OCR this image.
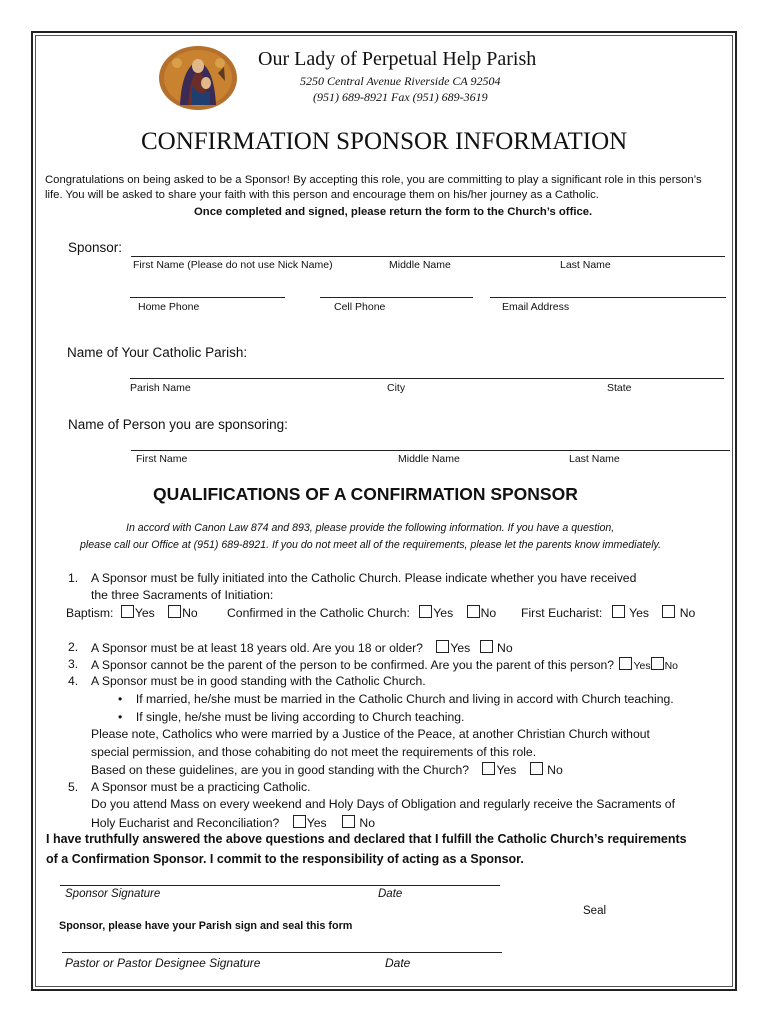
Our Lady of Perpetual Help Parish
5250 Central Avenue Riverside CA 92504
(951) 689-8921 Fax (951) 689-3619
CONFIRMATION SPONSOR INFORMATION
Congratulations on being asked to be a Sponsor! By accepting this role, you are committing to play a significant role in this person’s
life. You will be asked to share your faith with this person and encourage them on his/her journey as a Catholic.
Once completed and signed, please return the form to the Church’s office.
Sponsor:
First Name (Please do not use Nick Name)	Middle Name	Last Name
Home Phone	Cell Phone	Email Address
Name of Your Catholic Parish:
Parish Name	City	State
Name of Person you are sponsoring:
First Name	Middle Name	Last Name
QUALIFICATIONS OF A CONFIRMATION SPONSOR
In accord with Canon Law 874 and 893, please provide the following information. If you have a question,
please call our Office at (951) 689-8921. If you do not meet all of the requirements, please let the parents know immediately.
1. A Sponsor must be fully initiated into the Catholic Church. Please indicate whether you have received
the three Sacraments of Initiation:
Baptism: Yes No Confirmed in the Catholic Church: Yes No First Eucharist: Yes	No
2. A Sponsor must be at least 18 years old. Are you 18 or older? Yes No
3. A Sponsor cannot be the parent of the person to be confirmed. Are you the parent of this person? Yes No
4. A Sponsor must be in good standing with the Catholic Church.
•    If married, he/she must be married in the Catholic Church and living in accord with Church teaching.
•    If single, he/she must be living according to Church teaching.
Please note, Catholics who were married by a Justice of the Peace, at another Christian Church without
special permission, and those cohabiting do not meet the requirements of this role.
Based on these guidelines, are you in good standing with the Church? Yes	No
5. A Sponsor must be a practicing Catholic.
Do you attend Mass on every weekend and Holy Days of Obligation and regularly receive the Sacraments of
Holy Eucharist and Reconciliation? Yes	No
I have truthfully answered the above questions and declared that I fulfill the Catholic Church’s requirements
of a Confirmation Sponsor. I commit to the responsibility of acting as a Sponsor.
Sponsor Signature	Date
Seal
Sponsor, please have your Parish sign and seal this form
Pastor or Pastor Designee Signature	Date
